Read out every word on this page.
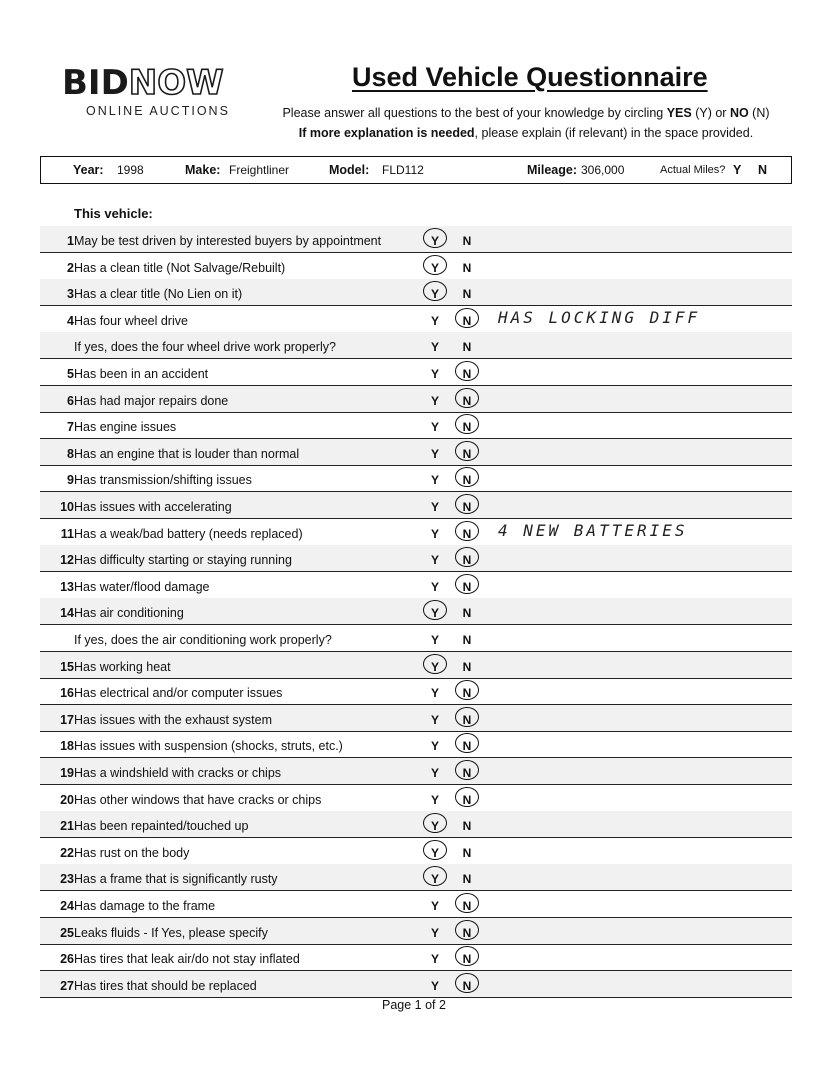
BIDNOW
ONLINE AUCTIONS
Used Vehicle Questionnaire
Please answer all questions to the best of your knowledge by circling YES (Y) or NO (N)
If more explanation is needed, please explain (if relevant) in the space provided.
Year: 1998	Make: Freightliner	Model: FLD112	Mileage: 306,000	Actual Miles? Y N
This vehicle:
1 May be test driven by interested buyers by appointment	Y N
2 Has a clean title (Not Salvage/Rebuilt)	Y N
3 Has a clear title (No Lien on it)	Y N
4 Has four wheel drive	Y N HAS LOCKING DIFF
If yes, does the four wheel drive work properly?	Y N
5 Has been in an accident	Y N
6 Has had major repairs done	Y N
7 Has engine issues	Y N
8 Has an engine that is louder than normal	Y N
9 Has transmission/shifting issues	Y N
10 Has issues with accelerating	Y N
11 Has a weak/bad battery (needs replaced)	Y N 4 NEW BATTERIES
12 Has difficulty starting or staying running	Y N
13 Has water/flood damage	Y N
14 Has air conditioning	Y N
If yes, does the air conditioning work properly?	Y N
15 Has working heat	Y N
16 Has electrical and/or computer issues	Y N
17 Has issues with the exhaust system	Y N
18 Has issues with suspension (shocks, struts, etc.)	Y N
19 Has a windshield with cracks or chips	Y N
20 Has other windows that have cracks or chips	Y N
21 Has been repainted/touched up	Y N
22 Has rust on the body	Y N
23 Has a frame that is significantly rusty	Y N
24 Has damage to the frame	Y N
25 Leaks fluids - If Yes, please specify	Y N
26 Has tires that leak air/do not stay inflated	Y N
27 Has tires that should be replaced	Y N
Page 1 of 2
